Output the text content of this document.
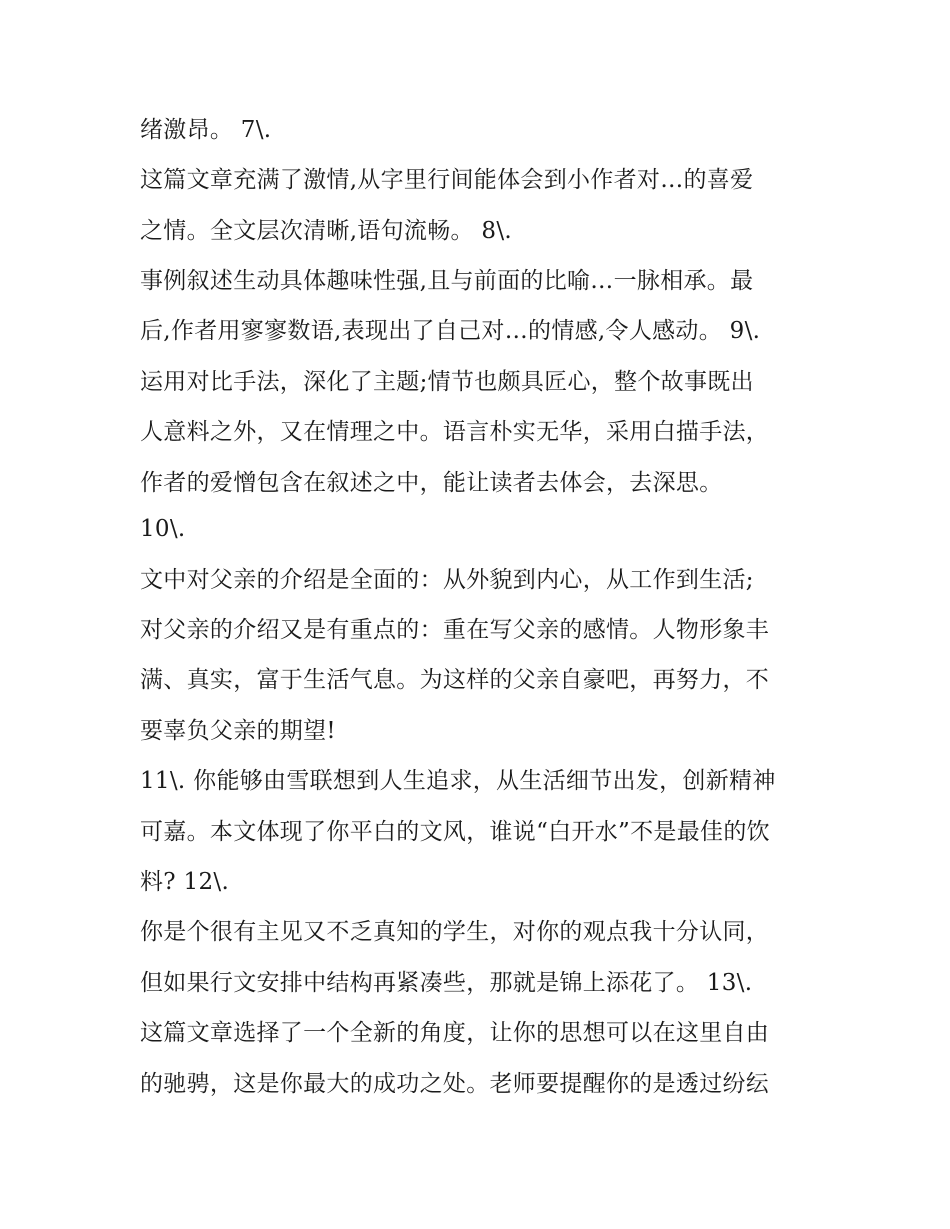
绪激昂。 7\.
这篇文章充满了激情,从字里行间能体会到小作者对…的喜爱
之情。全文层次清晰,语句流畅。 8\.
事例叙述生动具体趣味性强,且与前面的比喻…一脉相承。最
后,作者用寥寥数语,表现出了自己对…的情感,令人感动。 9\.
运用对比手法，深化了主题;情节也颇具匠心，整个故事既出
人意料之外，又在情理之中。语言朴实无华，采用白描手法，
作者的爱憎包含在叙述之中，能让读者去体会，去深思。
10\.
文中对父亲的介绍是全面的：从外貌到内心，从工作到生活;
对父亲的介绍又是有重点的：重在写父亲的感情。人物形象丰
满、真实，富于生活气息。为这样的父亲自豪吧，再努力，不
要辜负父亲的期望!
11\. 你能够由雪联想到人生追求，从生活细节出发，创新精神
可嘉。本文体现了你平白的文风，谁说“白开水”不是最佳的饮
料? 12\.
你是个很有主见又不乏真知的学生，对你的观点我十分认同，
但如果行文安排中结构再紧凑些，那就是锦上添花了。 13\.
这篇文章选择了一个全新的角度，让你的思想可以在这里自由
的驰骋，这是你最大的成功之处。老师要提醒你的是透过纷纭
